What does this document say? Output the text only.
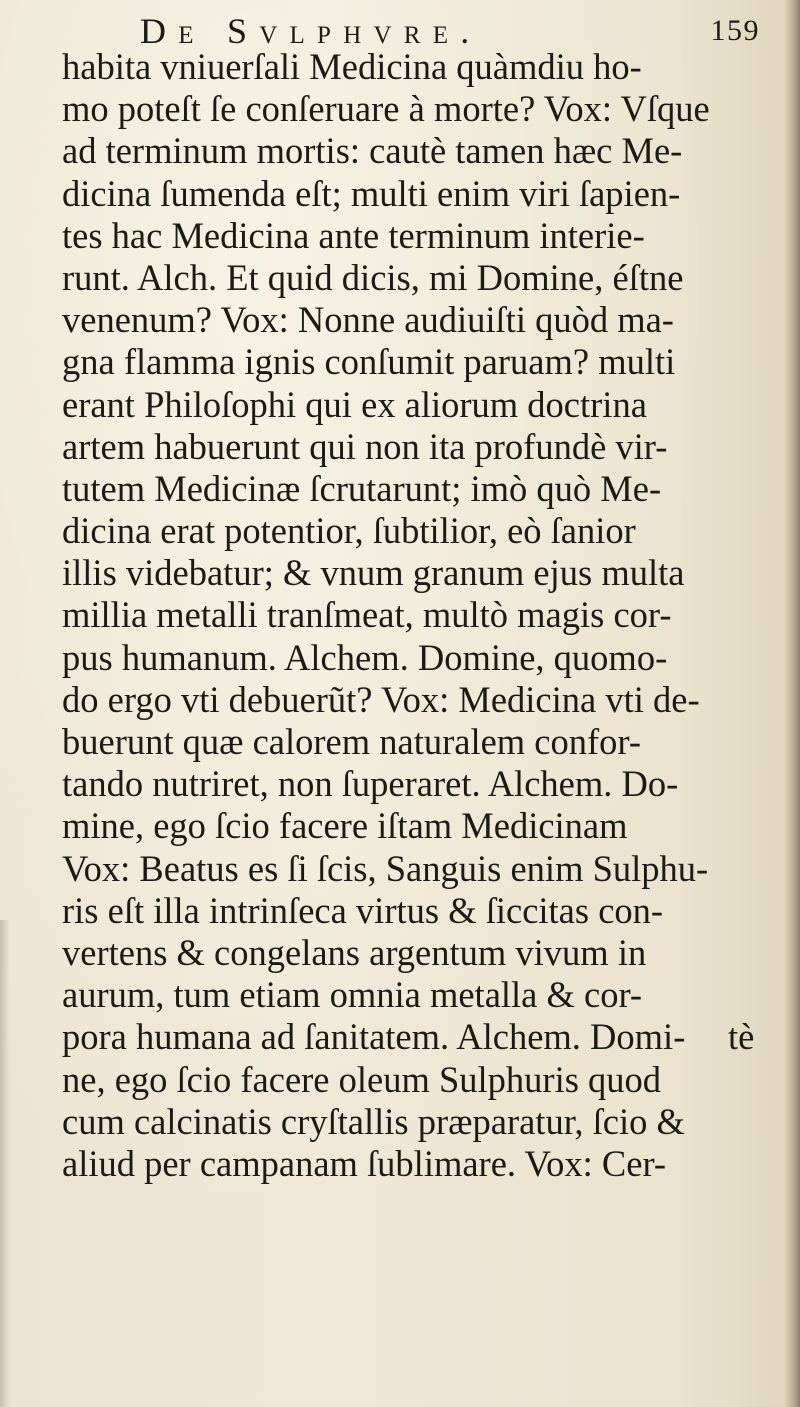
De Svlphvre.	159
habita vniuerſali Medicina quàmdiu ho-
mo poteſt ſe conſeruare à morte? Vox: Vſque
ad terminum mortis: cautè tamen hæc Me-
dicina ſumenda eſt; multi enim viri ſapien-
tes hac Medicina ante terminum interie-
runt. Alch. Et quid dicis, mi Domine, éſtne
venenum? Vox: Nonne audiuiſti quòd ma-
gna flamma ignis conſumit paruam? multi
erant Philoſophi qui ex aliorum doctrina
artem habuerunt qui non ita profundè vir-
tutem Medicinæ ſcrutarunt; imò quò Me-
dicina erat potentior, ſubtilior, eò ſanior
illis videbatur; & vnum granum ejus multa
millia metalli tranſmeat, multò magis cor-
pus humanum. Alchem. Domine, quomo-
do ergo vti debuerũt? Vox: Medicina vti de-
buerunt quæ calorem naturalem confor-
tando nutriret, non ſuperaret. Alchem. Do-
mine, ego ſcio facere iſtam Medicinam
Vox: Beatus es ſi ſcis, Sanguis enim Sulphu-
ris eſt illa intrinſeca virtus & ſiccitas con-
vertens & congelans argentum vivum in
aurum, tum etiam omnia metalla & cor-
pora humana ad ſanitatem. Alchem. Domi-
ne, ego ſcio facere oleum Sulphuris quod
cum calcinatis cryſtallis præparatur, ſcio &
aliud per campanam ſublimare. Vox: Cer-
tè
